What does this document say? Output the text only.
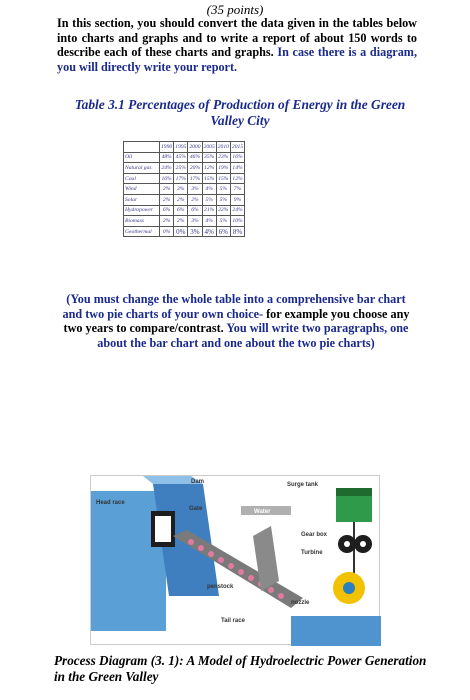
(35 points)
In this section, you should convert the data given in the tables below into charts and graphs and to write a report of about 150 words to describe each of these charts and graphs. In case there is a diagram, you will directly write your report.
Table 3.1 Percentages of Production of Energy in the Green Valley City
	1990	1995	2000	2005	2010	2015
Oil	48%	45%	46%	35%	23%	16%
Natural gas	24%	25%	20%	12%	19%	14%
Coal	16%	17%	17%	15%	15%	12%
Wind	2%	3%	3%	4%	5%	7%
Solar	2%	2%	2%	5%	5%	9%
Hydropower	6%	6%	6%	21%	22%	24%
Biomass	2%	2%	3%	4%	5%	10%
Geothermal	0%	0%	3%	4%	6%	8%
(You must change the whole table into a comprehensive bar chart and two pie charts of your own choice- for example you choose any two years to compare/contrast. You will write two paragraphs, one about the bar chart and one about the two pie charts)
Head race
Dam
Gate	Water
Surge tank
Gear box
Turbine
penstock
nozzle
Tail race
Process Diagram (3. 1): A Model of Hydroelectric Power Generation in the Green Valley
